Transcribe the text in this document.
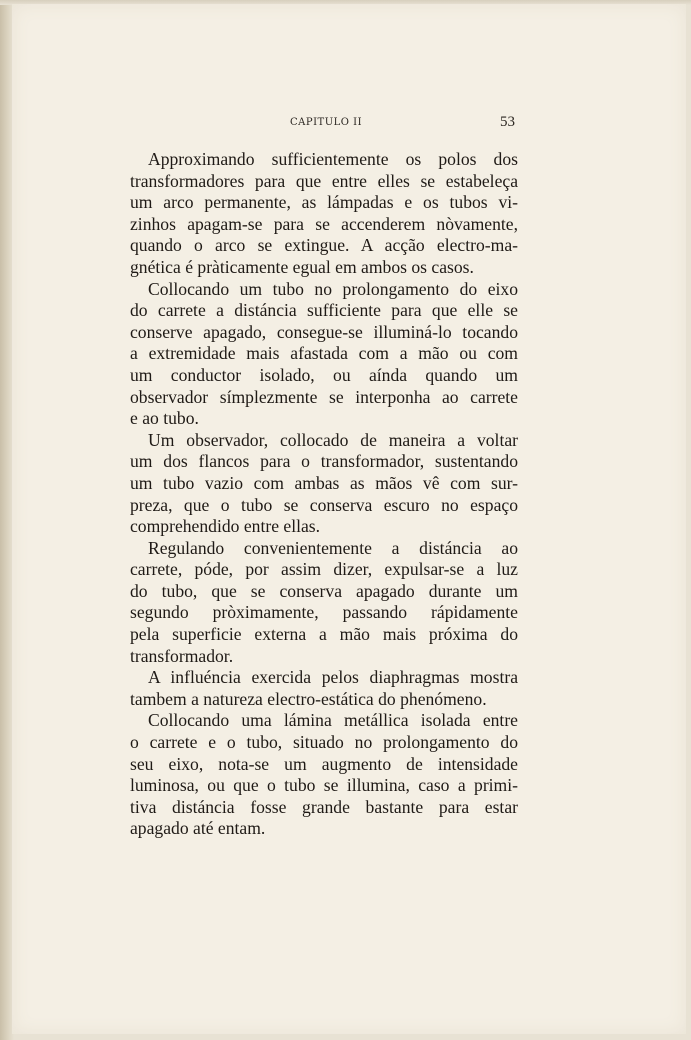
CAPITULO II	53
Approximando sufficientemente os polos dos
transformadores para que entre elles se estabeleça
um arco permanente, as lámpadas e os tubos vi-
zinhos apagam-se para se accenderem nòvamente,
quando o arco se extingue. A acção electro-ma-
gnética é pràticamente egual em ambos os casos.
Collocando um tubo no prolongamento do eixo
do carrete a distáncia sufficiente para que elle se
conserve apagado, consegue-se illuminá-lo tocando
a extremidade mais afastada com a mão ou com
um conductor isolado, ou aínda quando um
observador símplezmente se interponha ao carrete
e ao tubo.
Um observador, collocado de maneira a voltar
um dos flancos para o transformador, sustentando
um tubo vazio com ambas as mãos vê com sur-
preza, que o tubo se conserva escuro no espaço
comprehendido entre ellas.
Regulando convenientemente a distáncia ao
carrete, póde, por assim dizer, expulsar-se a luz
do tubo, que se conserva apagado durante um
segundo pròximamente, passando rápidamente
pela superficie externa a mão mais próxima do
transformador.
A influéncia exercida pelos diaphragmas mostra
tambem a natureza electro-estática do phenómeno.
Collocando uma lámina metállica isolada entre
o carrete e o tubo, situado no prolongamento do
seu eixo, nota-se um augmento de intensidade
luminosa, ou que o tubo se illumina, caso a primi-
tiva distáncia fosse grande bastante para estar
apagado até entam.
